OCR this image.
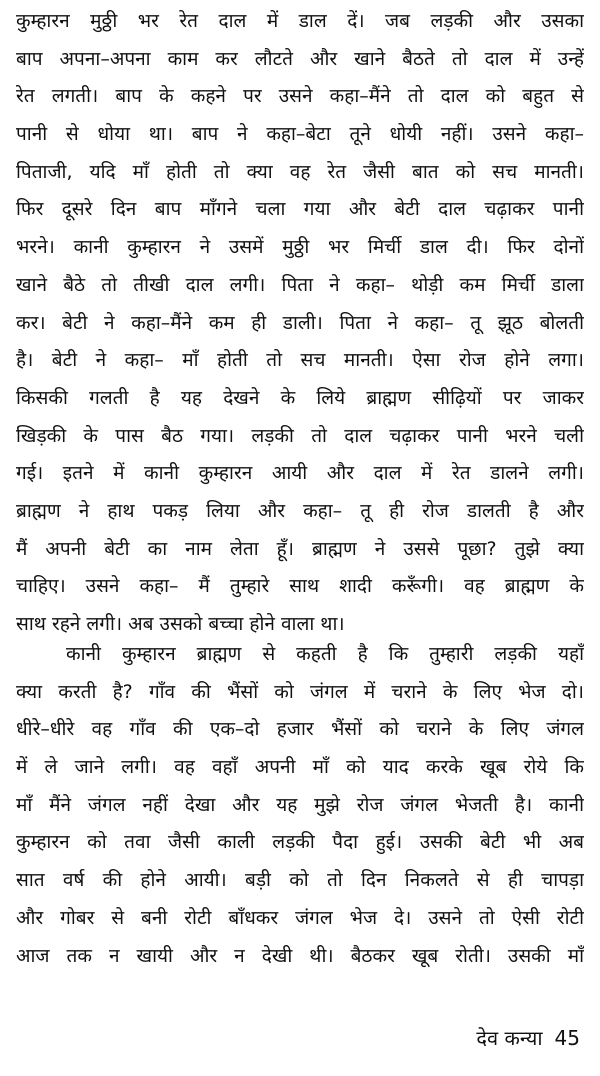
कुम्हारन मुठ्ठी भर रेत दाल में डाल दें। जब लड़की और उसका
बाप अपना–अपना काम कर लौटते और खाने बैठते तो दाल में उन्हें
रेत लगती। बाप के कहने पर उसने कहा–मैंने तो दाल को बहुत से
पानी से धोया था। बाप ने कहा–बेटा तूने धोयी नहीं। उसने कहा–
पिताजी, यदि माँ होती तो क्या वह रेत जैसी बात को सच मानती।
फिर दूसरे दिन बाप माँगने चला गया और बेटी दाल चढ़ाकर पानी
भरने। कानी कुम्हारन ने उसमें मुठ्ठी भर मिर्ची डाल दी। फिर दोनों
खाने बैठे तो तीखी दाल लगी। पिता ने कहा– थोड़ी कम मिर्ची डाला
कर। बेटी ने कहा–मैंने कम ही डाली। पिता ने कहा– तू झूठ बोलती
है। बेटी ने कहा– माँ होती तो सच मानती। ऐसा रोज होने लगा।
किसकी गलती है यह देखने के लिये ब्राह्मण सीढ़ियों पर जाकर
खिड़की के पास बैठ गया। लड़की तो दाल चढ़ाकर पानी भरने चली
गई। इतने में कानी कुम्हारन आयी और दाल में रेत डालने लगी।
ब्राह्मण ने हाथ पकड़ लिया और कहा– तू ही रोज डालती है और
मैं अपनी बेटी का नाम लेता हूँ। ब्राह्मण ने उससे पूछा? तुझे क्या
चाहिए। उसने कहा– मैं तुम्हारे साथ शादी करूँगी। वह ब्राह्मण के
साथ रहने लगी। अब उसको बच्चा होने वाला था।
कानी कुम्हारन ब्राह्मण से कहती है कि तुम्हारी लड़की यहाँ
क्या करती है? गाँव की भैंसों को जंगल में चराने के लिए भेज दो।
धीरे–धीरे वह गाँव की एक–दो हजार भैंसों को चराने के लिए जंगल
में ले जाने लगी। वह वहाँ अपनी माँ को याद करके खूब रोये कि
माँ मैंने जंगल नहीं देखा और यह मुझे रोज जंगल भेजती है। कानी
कुम्हारन को तवा जैसी काली लड़की पैदा हुई। उसकी बेटी भी अब
सात वर्ष की होने आयी। बड़ी को तो दिन निकलते से ही चापड़ा
और गोबर से बनी रोटी बाँधकर जंगल भेज दे। उसने तो ऐसी रोटी
आज तक न खायी और न देखी थी। बैठकर खूब रोती। उसकी माँ
देव कन्या 45
